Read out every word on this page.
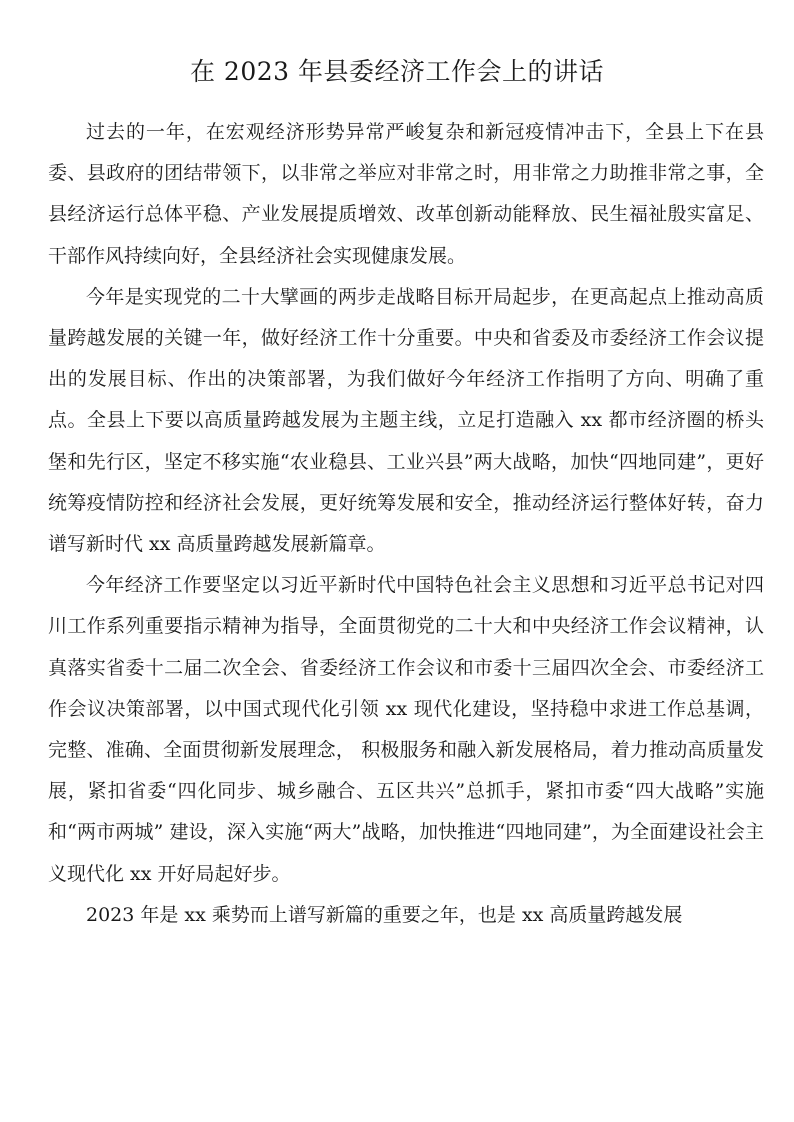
在 2023 年县委经济工作会上的讲话

过去的一年，在宏观经济形势异常严峻复杂和新冠疫情冲击下，全县上下在县委、县政府的团结带领下，以非常之举应对非常之时，用非常之力助推非常之事，全县经济运行总体平稳、产业发展提质增效、改革创新动能释放、民生福祉殷实富足、干部作风持续向好，全县经济社会实现健康发展。

今年是实现党的二十大擘画的两步走战略目标开局起步，在更高起点上推动高质量跨越发展的关键一年，做好经济工作十分重要。中央和省委及市委经济工作会议提出的发展目标、作出的决策部署，为我们做好今年经济工作指明了方向、明确了重点。全县上下要以高质量跨越发展为主题主线，立足打造融入 xx 都市经济圈的桥头堡和先行区，坚定不移实施“农业稳县、工业兴县”两大战略，加快“四地同建”，更好统筹疫情防控和经济社会发展，更好统筹发展和安全，推动经济运行整体好转，奋力谱写新时代 xx 高质量跨越发展新篇章。

今年经济工作要坚定以习近平新时代中国特色社会主义思想和习近平总书记对四川工作系列重要指示精神为指导，全面贯彻党的二十大和中央经济工作会议精神，认真落实省委十二届二次全会、省委经济工作会议和市委十三届四次全会、市委经济工作会议决策部署，以中国式现代化引领 xx 现代化建设，坚持稳中求进工作总基调，完整、准确、全面贯彻新发展理念， 积极服务和融入新发展格局，着力推动高质量发展，紧扣省委“四化同步、城乡融合、五区共兴”总抓手，紧扣市委“四大战略”实施和“两市两城” 建设，深入实施“两大”战略，加快推进“四地同建”，为全面建设社会主义现代化 xx 开好局起好步。

2023 年是 xx 乘势而上谱写新篇的重要之年，也是 xx 高质量跨越发展
